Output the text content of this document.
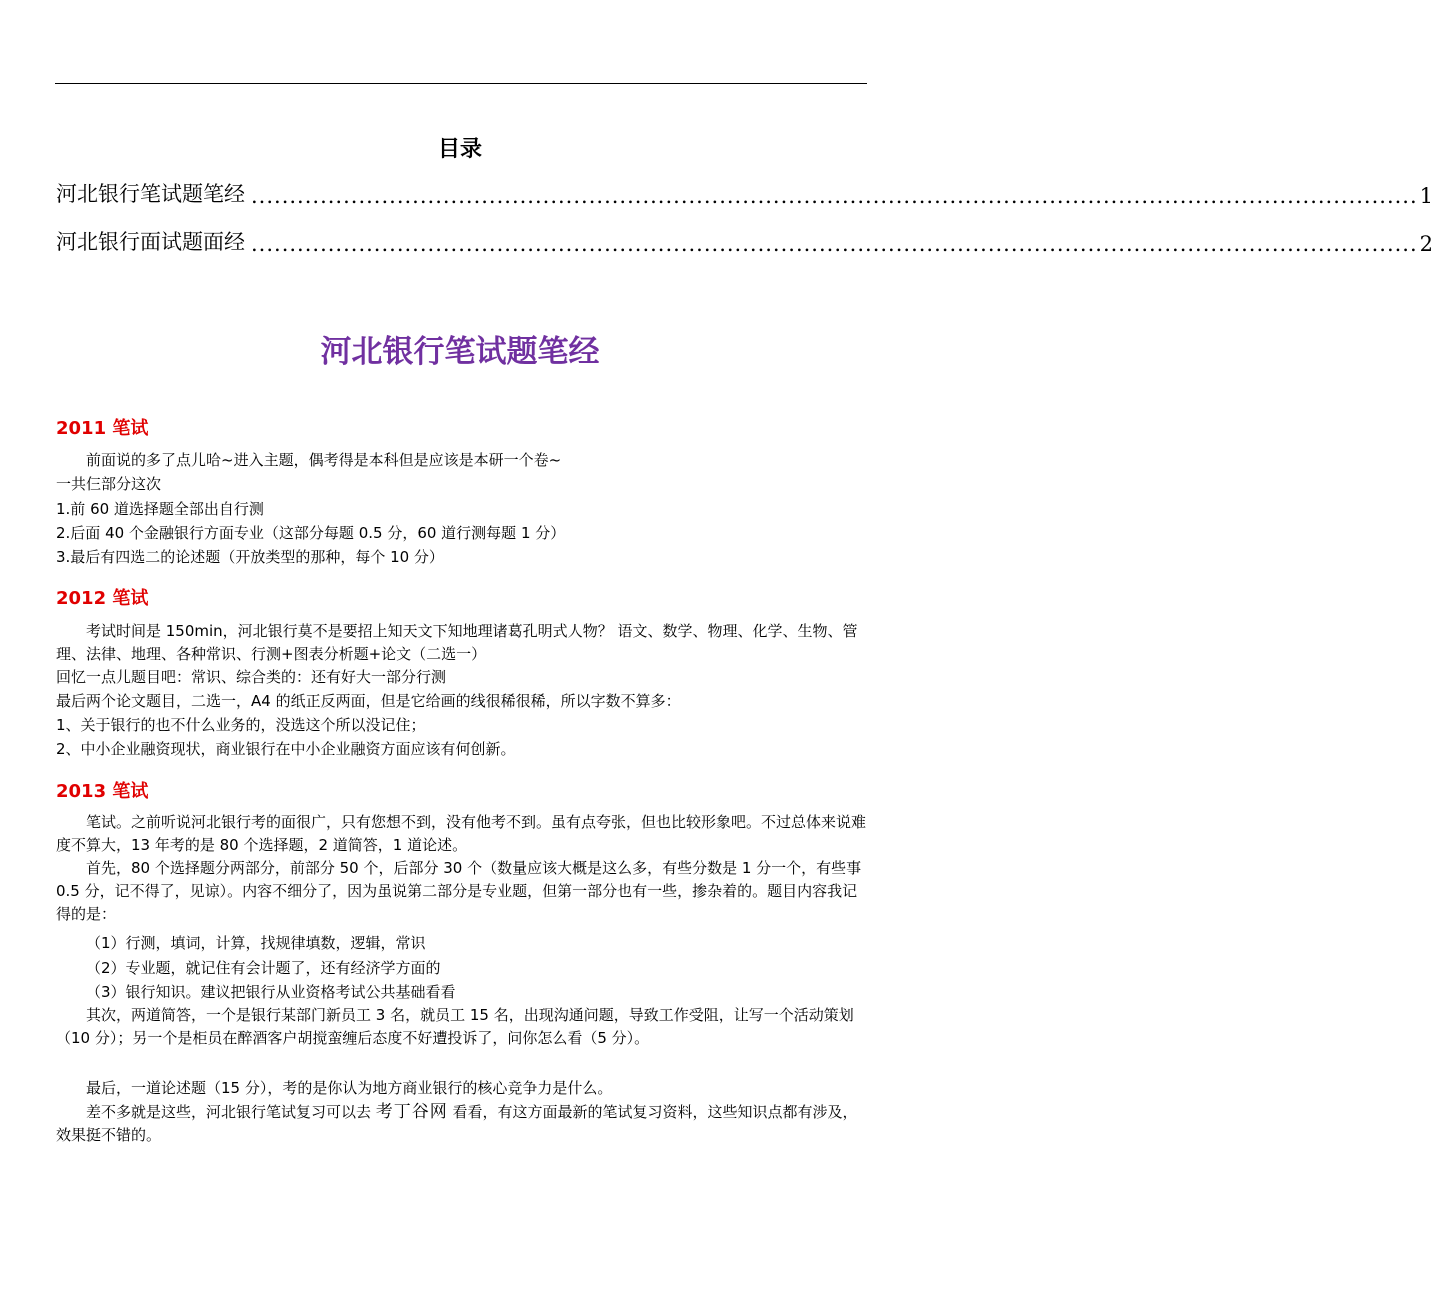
目录
河北银行笔试题笔经 ........................................................................................................................................................ 1
河北银行面试题面经 ........................................................................................................................................................ 2
河北银行笔试题笔经
2011 笔试

前面说的多了点儿哈~进入主题，偶考得是本科但是应该是本研一个卷~

一共仨部分这次

1.前 60 道选择题全部出自行测

2.后面 40 个金融银行方面专业（这部分每题 0.5 分，60 道行测每题 1 分）

3.最后有四选二的论述题（开放类型的那种，每个 10 分）

2012 笔试

考试时间是 150min，河北银行莫不是要招上知天文下知地理诸葛孔明式人物？ 语文、数学、物理、化学、生物、管理、法律、地理、各种常识、行测+图表分析题+论文（二选一）

回忆一点儿题目吧：常识、综合类的：还有好大一部分行测

最后两个论文题目，二选一，A4 的纸正反两面，但是它给画的线很稀很稀，所以字数不算多：

1、关于银行的也不什么业务的，没选这个所以没记住；

2、中小企业融资现状，商业银行在中小企业融资方面应该有何创新。

2013 笔试

笔试。之前听说河北银行考的面很广，只有您想不到，没有他考不到。虽有点夸张，但也比较形象吧。不过总体来说难度不算大，13 年考的是 80 个选择题，2 道简答，1 道论述。

首先，80 个选择题分两部分，前部分 50 个，后部分 30 个（数量应该大概是这么多，有些分数是 1 分一个，有些事 0.5 分，记不得了，见谅）。内容不细分了，因为虽说第二部分是专业题，但第一部分也有一些，掺杂着的。题目内容我记得的是：

（1）行测，填词，计算，找规律填数，逻辑，常识

（2）专业题，就记住有会计题了，还有经济学方面的

（3）银行知识。建议把银行从业资格考试公共基础看看

其次，两道简答，一个是银行某部门新员工 3 名，就员工 15 名，出现沟通问题，导致工作受阻，让写一个活动策划（10 分）；另一个是柜员在醉酒客户胡搅蛮缠后态度不好遭投诉了，问你怎么看（5 分）。

最后，一道论述题（15 分），考的是你认为地方商业银行的核心竞争力是什么。

差不多就是这些，河北银行笔试复习可以去 考丁谷网 看看，有这方面最新的笔试复习资料，这些知识点都有涉及，效果挺不错的。
